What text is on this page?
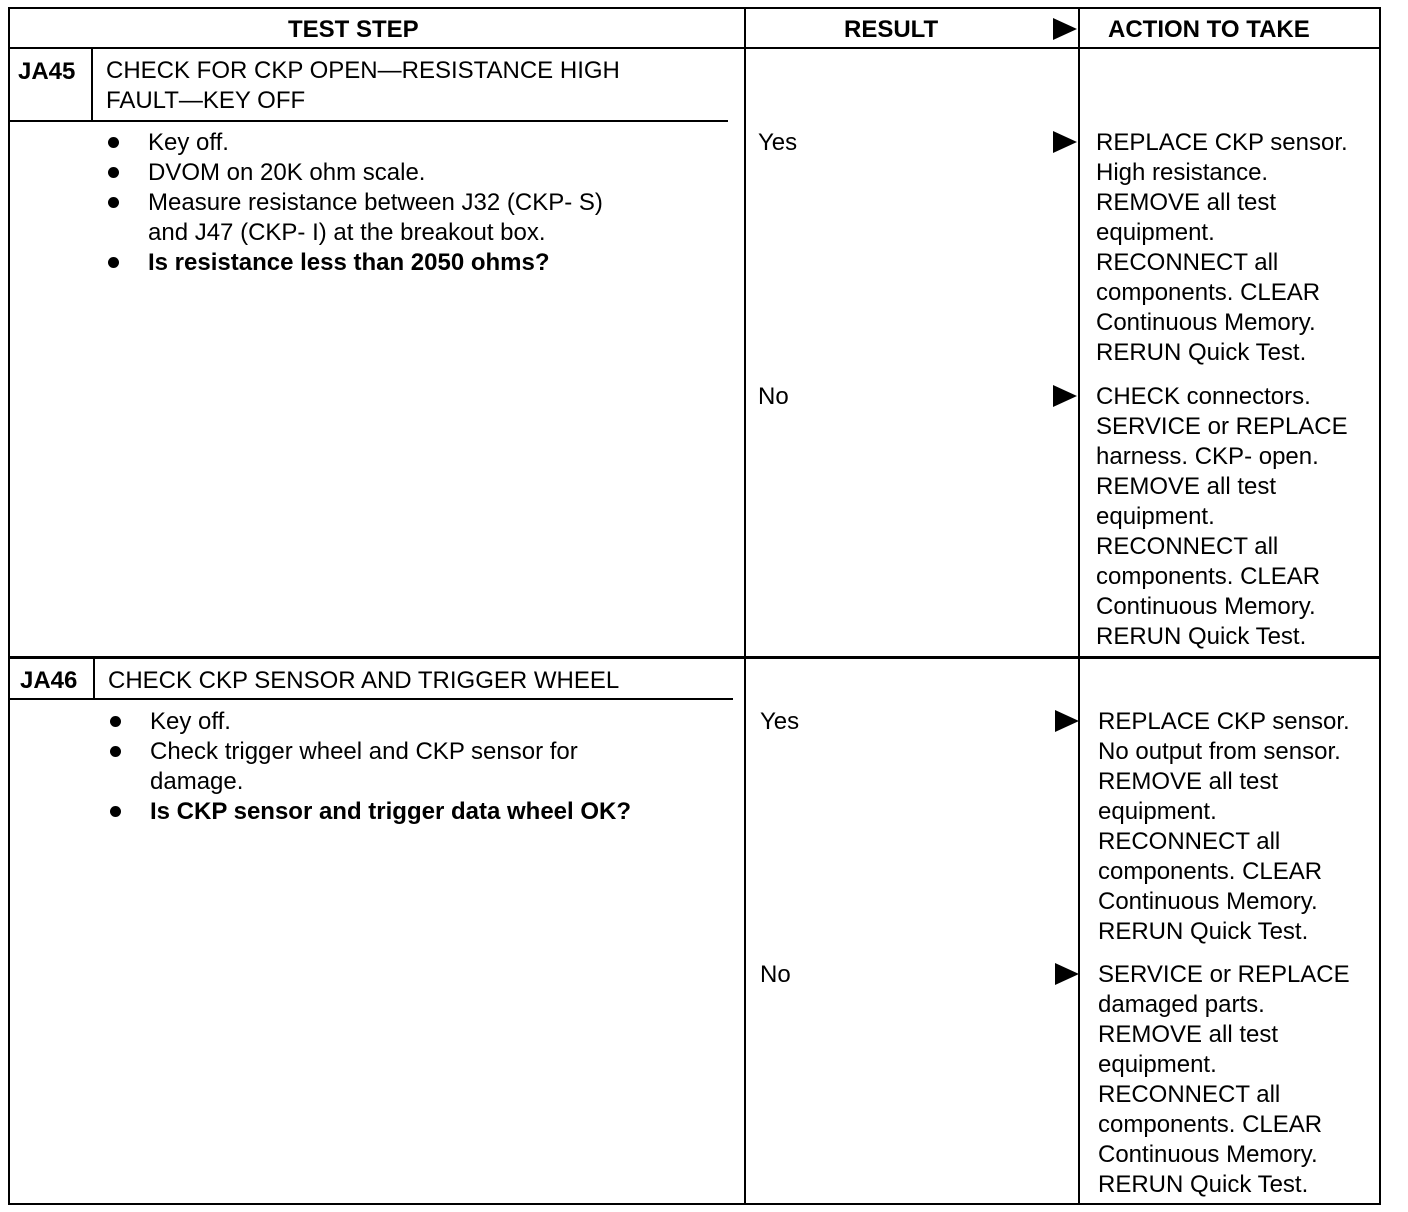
TEST STEP	RESULT	ACTION TO TAKE
JA45 CHECK FOR CKP OPEN—RESISTANCE HIGH
FAULT—KEY OFF
Key off.
DVOM on 20K ohm scale.
Measure resistance between J32 (CKP- S)
and J47 (CKP- I) at the breakout box.
Is resistance less than 2050 ohms?
Yes	REPLACE CKP sensor.
High resistance.
REMOVE all test
equipment.
RECONNECT all
components. CLEAR
Continuous Memory.
RERUN Quick Test.
No	CHECK connectors.
SERVICE or REPLACE
harness. CKP- open.
REMOVE all test
equipment.
RECONNECT all
components. CLEAR
Continuous Memory.
RERUN Quick Test.
JA46 CHECK CKP SENSOR AND TRIGGER WHEEL
Key off.
Check trigger wheel and CKP sensor for
damage.
Is CKP sensor and trigger data wheel OK?
Yes	REPLACE CKP sensor.
No output from sensor.
REMOVE all test
equipment.
RECONNECT all
components. CLEAR
Continuous Memory.
RERUN Quick Test.
No	SERVICE or REPLACE
damaged parts.
REMOVE all test
equipment.
RECONNECT all
components. CLEAR
Continuous Memory.
RERUN Quick Test.
